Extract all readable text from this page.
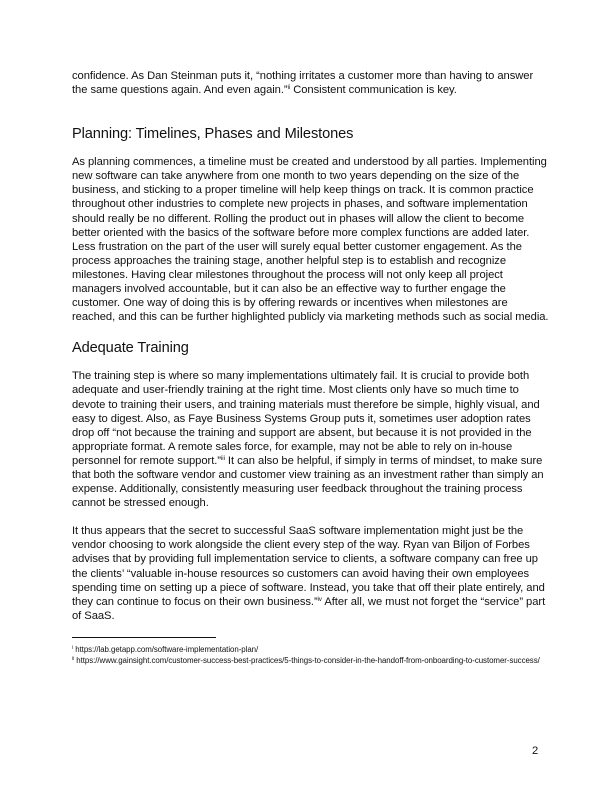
confidence. As Dan Steinman puts it, “nothing irritates a customer more than having to answer the same questions again. And even again.”$^{ii}$ Consistent communication is key.

Planning: Timelines, Phases and Milestones

As planning commences, a timeline must be created and understood by all parties. Implementing new software can take anywhere from one month to two years depending on the size of the business, and sticking to a proper timeline will help keep things on track. It is common practice throughout other industries to complete new projects in phases, and software implementation should really be no different. Rolling the product out in phases will allow the client to become better oriented with the basics of the software before more complex functions are added later. Less frustration on the part of the user will surely equal better customer engagement. As the process approaches the training stage, another helpful step is to establish and recognize milestones. Having clear milestones throughout the process will not only keep all project managers involved accountable, but it can also be an effective way to further engage the customer. One way of doing this is by offering rewards or incentives when milestones are reached, and this can be further highlighted publicly via marketing methods such as social media.

Adequate Training

The training step is where so many implementations ultimately fail. It is crucial to provide both adequate and user-friendly training at the right time. Most clients only have so much time to devote to training their users, and training materials must therefore be simple, highly visual, and easy to digest. Also, as Faye Business Systems Group puts it, sometimes user adoption rates drop off “not because the training and support are absent, but because it is not provided in the appropriate format. A remote sales force, for example, may not be able to rely on in-house personnel for remote support.”$^{iii}$ It can also be helpful, if simply in terms of mindset, to make sure that both the software vendor and customer view training as an investment rather than simply an expense. Additionally, consistently measuring user feedback throughout the training process cannot be stressed enough.

It thus appears that the secret to successful SaaS software implementation might just be the vendor choosing to work alongside the client every step of the way. Ryan van Biljon of Forbes advises that by providing full implementation service to clients, a software company can free up the clients’ “valuable in-house resources so customers can avoid having their own employees spending time on setting up a piece of software. Instead, you take that off their plate entirely, and they can continue to focus on their own business.”$^{iv}$ After all, we must not forget the “service” part of SaaS.

$^i$ https://lab.getapp.com/software-implementation-plan/

$^{ii}$ https://www.gainsight.com/customer-success-best-practices/5-things-to-consider-in-the-handoff-from-onboarding-to-customer-success/

2
